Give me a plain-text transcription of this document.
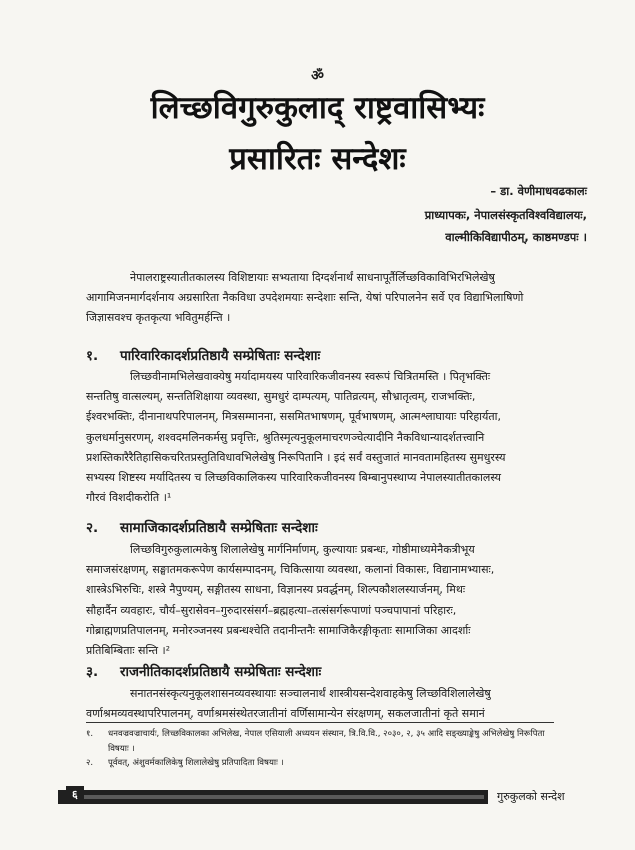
ॐ
लिच्छविगुरुकुलाद् राष्ट्रवासिभ्यः
प्रसारितः सन्देशः
– डा. वेणीमाधवढकालः
प्राध्यापकः, नेपालसंस्कृतविश्वविद्यालयः,
वाल्मीकिविद्यापीठम्, काष्ठमण्डपः ।
नेपालराष्ट्रस्यातीतकालस्य विशिष्टायाः सभ्यताया दिग्दर्शनार्थं साधनापूर्तैर्लिच्छविकाविभिरभिलेखेषु
आगामिजनमार्गदर्शनाय अग्रसारिता नैकविधा उपदेशमयाः सन्देशाः सन्ति, येषां परिपालनेन सर्वे एव विद्याभिलाषिणो
जिज्ञासवश्च कृतकृत्या भवितुमर्हन्ति ।
१. पारिवारिकादर्शप्रतिष्ठायै सम्प्रेषिताः सन्देशाः
लिच्छवीनामभिलेखवाक्येषु मर्यादामयस्य पारिवारिकजीवनस्य स्वरूपं चित्रितमस्ति । पितृभक्तिः
सन्ततिषु वात्सल्यम्, सन्ततिशिक्षाया व्यवस्था, सुमधुरं दाम्पत्यम्, पातिव्रत्यम्, सौभ्रातृत्वम्, राजभक्तिः,
ईश्वरभक्तिः, दीनानाथपरिपालनम्, मित्रसम्मानना, ससमितभाषणम्, पूर्वभाषणम्, आत्मश्लाघायाः परिहार्यता,
कुलधर्मानुसरणम्, शश्वदमलिनकर्मसु प्रवृत्तिः, श्रुतिस्मृत्यनुकूलमाचरणञ्चेत्यादीनि नैकविधान्यादर्शतत्त्वानि
प्रशस्तिकारैरैतिहासिकचरितप्रस्तुतिविधावभिलेखेषु निरूपितानि । इदं सर्वं वस्तुजातं मानवतामहितस्य सुमधुरस्य
सभ्यस्य शिष्टस्य मर्यादितस्य च लिच्छविकालिकस्य पारिवारिकजीवनस्य बिम्बानुपस्थाप्य नेपालस्यातीतकालस्य
गौरवं विशदीकरोति ।¹
२. सामाजिकादर्शप्रतिष्ठायै सम्प्रेषिताः सन्देशाः
लिच्छविगुरुकुलात्मकेषु शिलालेखेषु मार्गनिर्माणम्, कुल्यायाः प्रबन्धः, गोष्ठीमाध्यमेनैकत्रीभूय
समाजसंरक्षणम्, सङ्घातमकरूपेण कार्यसम्पादनम्, चिकित्साया व्यवस्था, कलानां विकासः, विद्यानामभ्यासः,
शास्त्रेऽभिरुचिः, शस्त्रे नैपुण्यम्, सङ्गीतस्य साधना, विज्ञानस्य प्रवर्द्धनम्, शिल्पकौशलस्यार्जनम्, मिथः
सौहार्दैन व्यवहारः, चौर्य–सुरासेवन–गुरुदारसंसर्ग–ब्रह्महत्या–तत्संसर्गरूपाणां पञ्चपापानां परिहारः,
गोब्राह्मणप्रतिपालनम्, मनोरञ्जनस्य प्रबन्धश्चेति तदानीन्तनैः सामाजिकैरङ्गीकृताः सामाजिका आदर्शाः
प्रतिबिम्बिताः सन्ति ।²
३. राजनीतिकादर्शप्रतिष्ठायै सम्प्रेषिताः सन्देशाः
सनातनसंस्कृत्यनुकूलशासनव्यवस्थायाः सञ्चालनार्थं शास्त्रीयसन्देशवाहकेषु लिच्छविशिलालेखेषु
वर्णाश्रमव्यवस्थापरिपालनम्, वर्णाश्रमसंस्थेतरजातीनां वर्णिसामान्येन संरक्षणम्, सकलजातीनां कृते समानं
१. धनवज्रवज्राचार्यः, लिच्छविकालका अभिलेख, नेपाल एसियाली अध्ययन संस्थान, त्रि.वि.वि., २०३०, २, ३५ आदि सङ्ख्याङ्केषु अभिलेखेषु निरूपिता विषयाः ।
२. पूर्ववत्, अंशुवर्मकालिकेषु शिलालेखेषु प्रतिपादिता विषयाः ।
६	गुरुकुलको सन्देश
